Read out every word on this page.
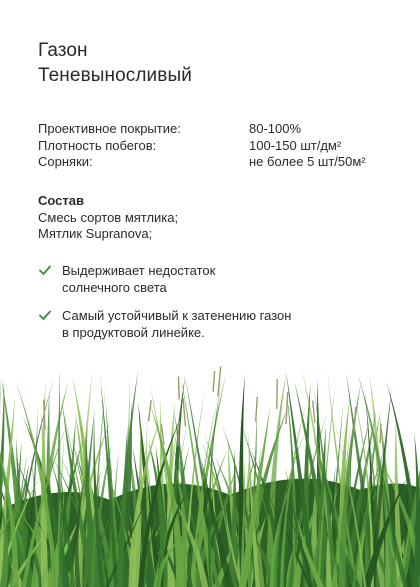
Газон
Теневыносливый
Проективное покрытие:	80-100%
Плотность побегов:	100-150 шт/дм²
Сорняки:	не более 5 шт/50м²
Состав
Смесь сортов мятлика;
Мятлик Supranova;
Выдерживает недостаток
солнечного света
Самый устойчивый к затенению газон
в продуктовой линейке.
